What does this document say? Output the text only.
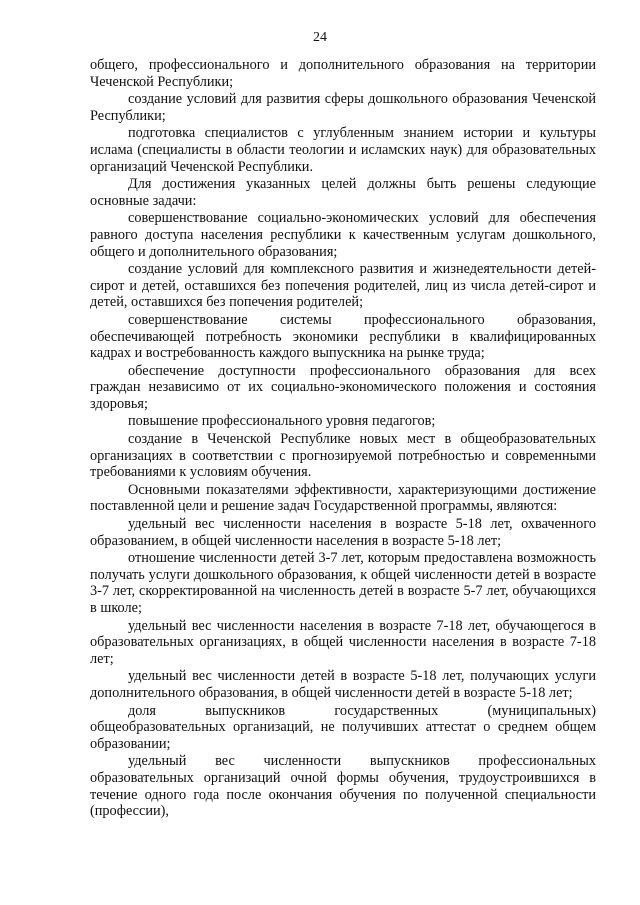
24

общего, профессионального и дополнительного образования на территории Чеченской Республики;

создание условий для развития сферы дошкольного образования Чеченской Республики;

подготовка специалистов с углубленным знанием истории и культуры ислама (специалисты в области теологии и исламских наук) для образовательных организаций Чеченской Республики.

Для достижения указанных целей должны быть решены следующие основные задачи:

совершенствование социально-экономических условий для обеспечения равного доступа населения республики к качественным услугам дошкольного, общего и дополнительного образования;

создание условий для комплексного развития и жизнедеятельности детей-сирот и детей, оставшихся без попечения родителей, лиц из числа детей-сирот и детей, оставшихся без попечения родителей;

совершенствование системы профессионального образования, обеспечивающей потребность экономики республики в квалифицированных кадрах и востребованность каждого выпускника на рынке труда;

обеспечение доступности профессионального образования для всех граждан независимо от их социально-экономического положения и состояния здоровья;

повышение профессионального уровня педагогов;

создание в Чеченской Республике новых мест в общеобразовательных организациях в соответствии с прогнозируемой потребностью и современными требованиями к условиям обучения.

Основными показателями эффективности, характеризующими достижение поставленной цели и решение задач Государственной программы, являются:

удельный вес численности населения в возрасте 5-18 лет, охваченного образованием, в общей численности населения в возрасте 5-18 лет;

отношение численности детей 3-7 лет, которым предоставлена возможность получать услуги дошкольного образования, к общей численности детей в возрасте 3-7 лет, скорректированной на численность детей в возрасте 5-7 лет, обучающихся в школе;

удельный вес численности населения в возрасте 7-18 лет, обучающегося в образовательных организациях, в общей численности населения в возрасте 7-18 лет;

удельный вес численности детей в возрасте 5-18 лет, получающих услуги дополнительного образования, в общей численности детей в возрасте 5-18 лет;

доля выпускников государственных (муниципальных) общеобразовательных организаций, не получивших аттестат о среднем общем образовании;

удельный вес численности выпускников профессиональных образовательных организаций очной формы обучения, трудоустроившихся в течение одного года после окончания обучения по полученной специальности (профессии),
